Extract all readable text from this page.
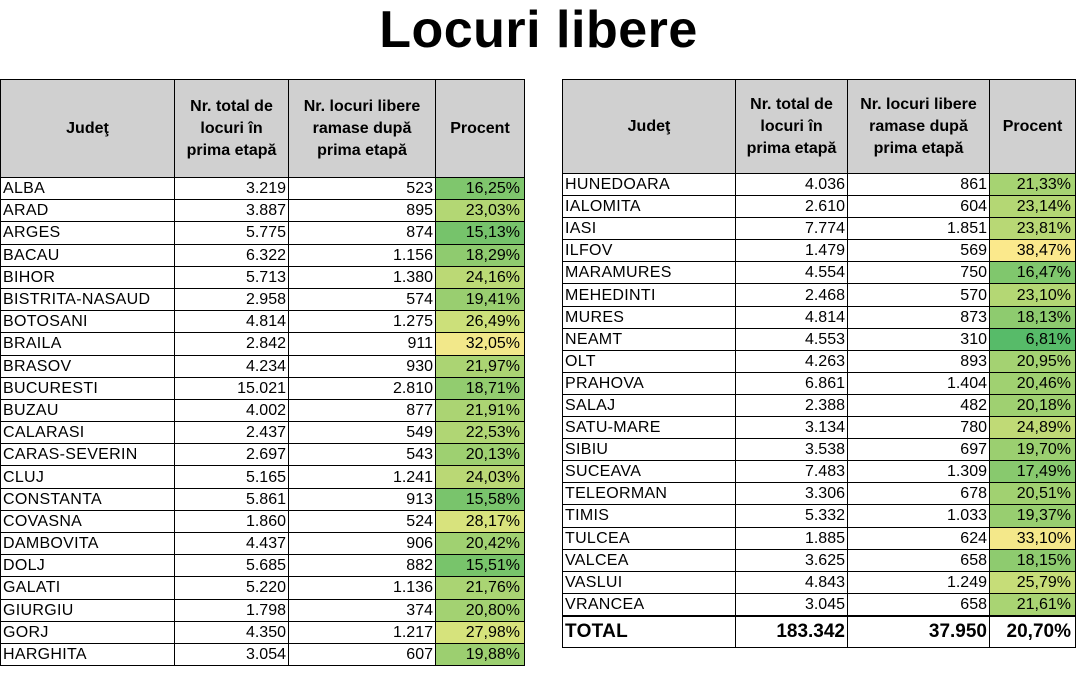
Locuri libere
Judeţ	Nr. total de locuri în prima etapă	Nr. locuri libere ramase după prima etapă	Procent
ALBA	3.219	523	16,25%
ARAD	3.887	895	23,03%
ARGES	5.775	874	15,13%
BACAU	6.322	1.156	18,29%
BIHOR	5.713	1.380	24,16%
BISTRITA-NASAUD	2.958	574	19,41%
BOTOSANI	4.814	1.275	26,49%
BRAILA	2.842	911	32,05%
BRASOV	4.234	930	21,97%
BUCURESTI	15.021	2.810	18,71%
BUZAU	4.002	877	21,91%
CALARASI	2.437	549	22,53%
CARAS-SEVERIN	2.697	543	20,13%
CLUJ	5.165	1.241	24,03%
CONSTANTA	5.861	913	15,58%
COVASNA	1.860	524	28,17%
DAMBOVITA	4.437	906	20,42%
DOLJ	5.685	882	15,51%
GALATI	5.220	1.136	21,76%
GIURGIU	1.798	374	20,80%
GORJ	4.350	1.217	27,98%
HARGHITA	3.054	607	19,88%
Judeţ	Nr. total de locuri în prima etapă	Nr. locuri libere ramase după prima etapă	Procent
HUNEDOARA	4.036	861	21,33%
IALOMITA	2.610	604	23,14%
IASI	7.774	1.851	23,81%
ILFOV	1.479	569	38,47%
MARAMURES	4.554	750	16,47%
MEHEDINTI	2.468	570	23,10%
MURES	4.814	873	18,13%
NEAMT	4.553	310	6,81%
OLT	4.263	893	20,95%
PRAHOVA	6.861	1.404	20,46%
SALAJ	2.388	482	20,18%
SATU-MARE	3.134	780	24,89%
SIBIU	3.538	697	19,70%
SUCEAVA	7.483	1.309	17,49%
TELEORMAN	3.306	678	20,51%
TIMIS	5.332	1.033	19,37%
TULCEA	1.885	624	33,10%
VALCEA	3.625	658	18,15%
VASLUI	4.843	1.249	25,79%
VRANCEA	3.045	658	21,61%
TOTAL	183.342	37.950	20,70%
